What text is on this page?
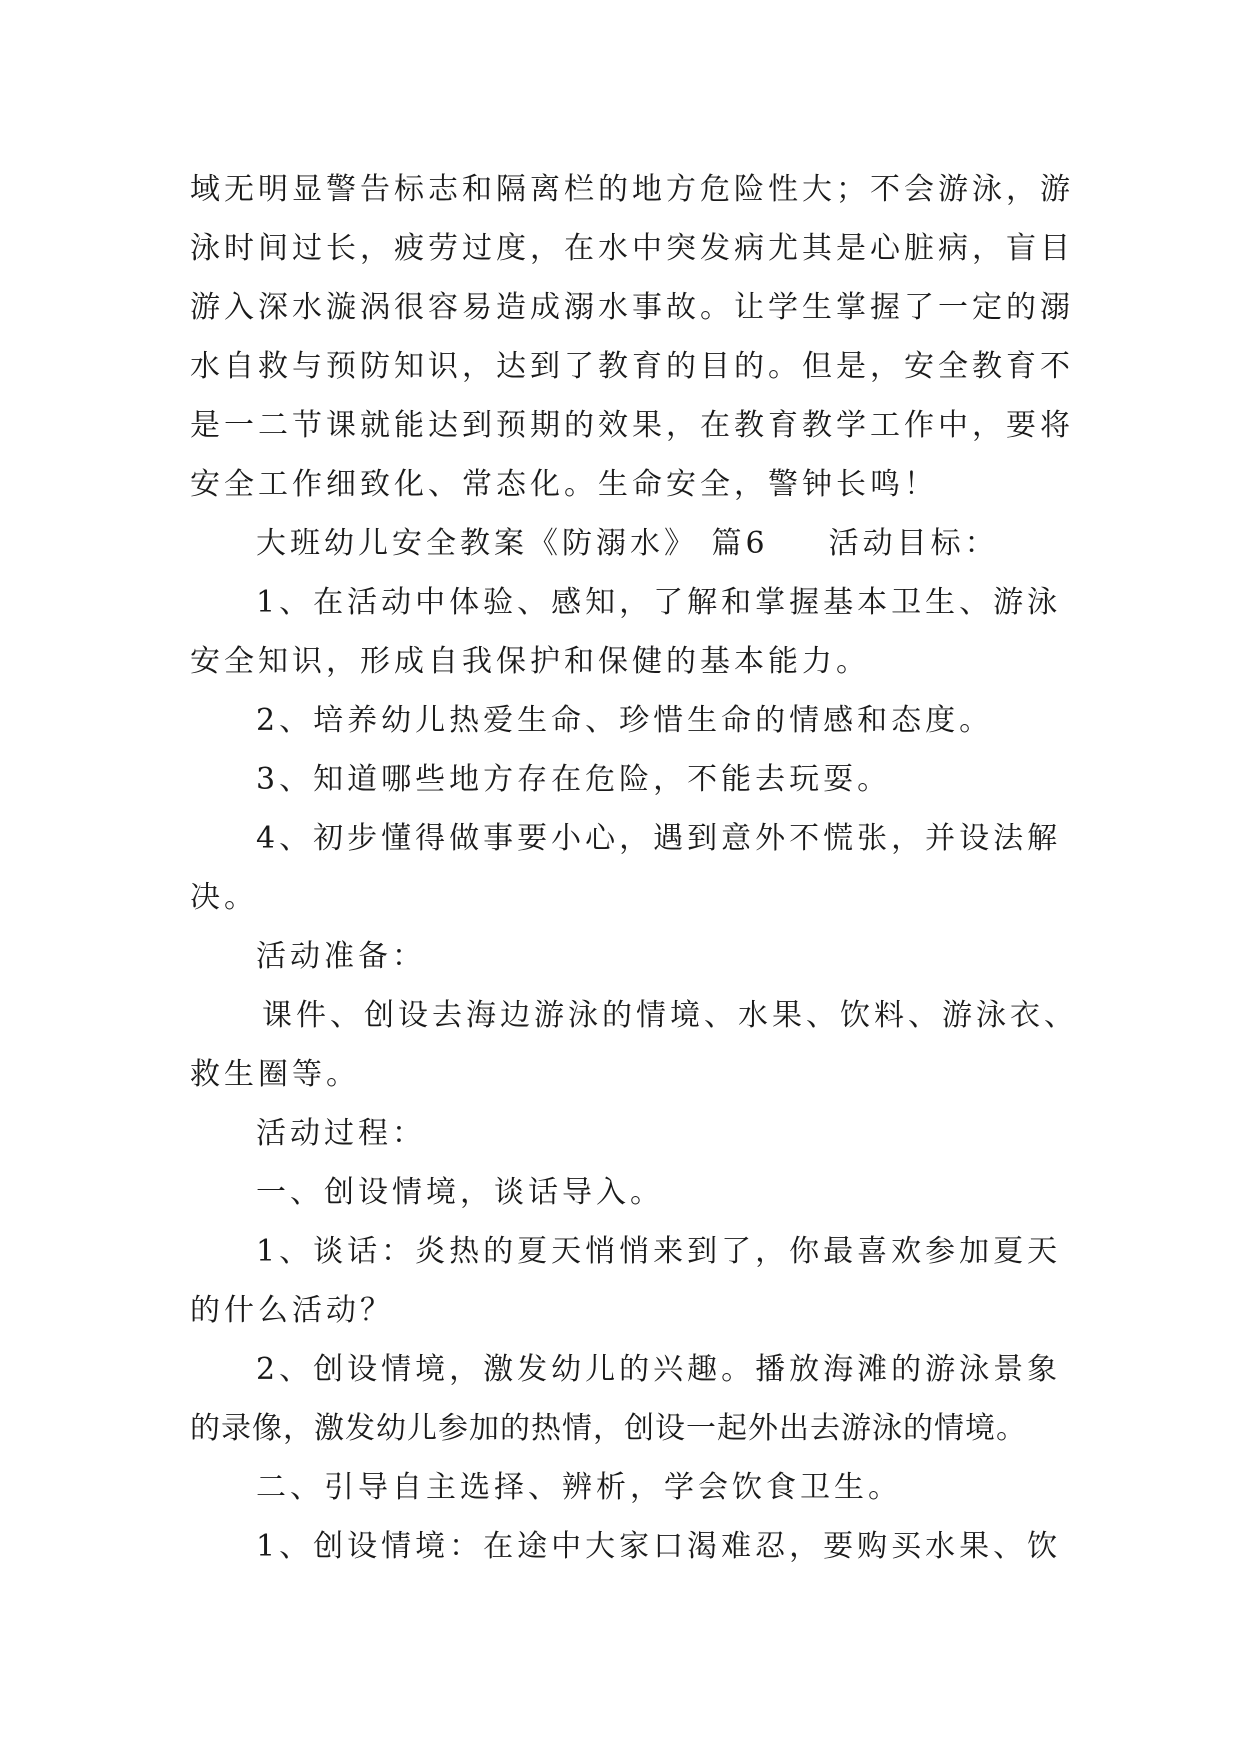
域无明显警告标志和隔离栏的地方危险性大；不会游泳，游

泳时间过长，疲劳过度，在水中突发病尤其是心脏病，盲目

游入深水漩涡很容易造成溺水事故。让学生掌握了一定的溺

水自救与预防知识，达到了教育的目的。但是，安全教育不

是一二节课就能达到预期的效果，在教育教学工作中，要将

安全工作细致化、常态化。生命安全，警钟长鸣！

大班幼儿安全教案《防溺水》 篇6 活动目标：

1、在活动中体验、感知，了解和掌握基本卫生、游泳

安全知识，形成自我保护和保健的基本能力。

2、培养幼儿热爱生命、珍惜生命的情感和态度。

3、知道哪些地方存在危险，不能去玩耍。

4、初步懂得做事要小心，遇到意外不慌张，并设法解

决。

活动准备：

课件、创设去海边游泳的情境、水果、饮料、游泳衣、

救生圈等。

活动过程：

一、创设情境，谈话导入。

1、谈话：炎热的夏天悄悄来到了，你最喜欢参加夏天

的什么活动？

2、创设情境，激发幼儿的兴趣。播放海滩的游泳景象

的录像，激发幼儿参加的热情，创设一起外出去游泳的情境。

二、引导自主选择、辨析，学会饮食卫生。

1、创设情境：在途中大家口渴难忍，要购买水果、饮
